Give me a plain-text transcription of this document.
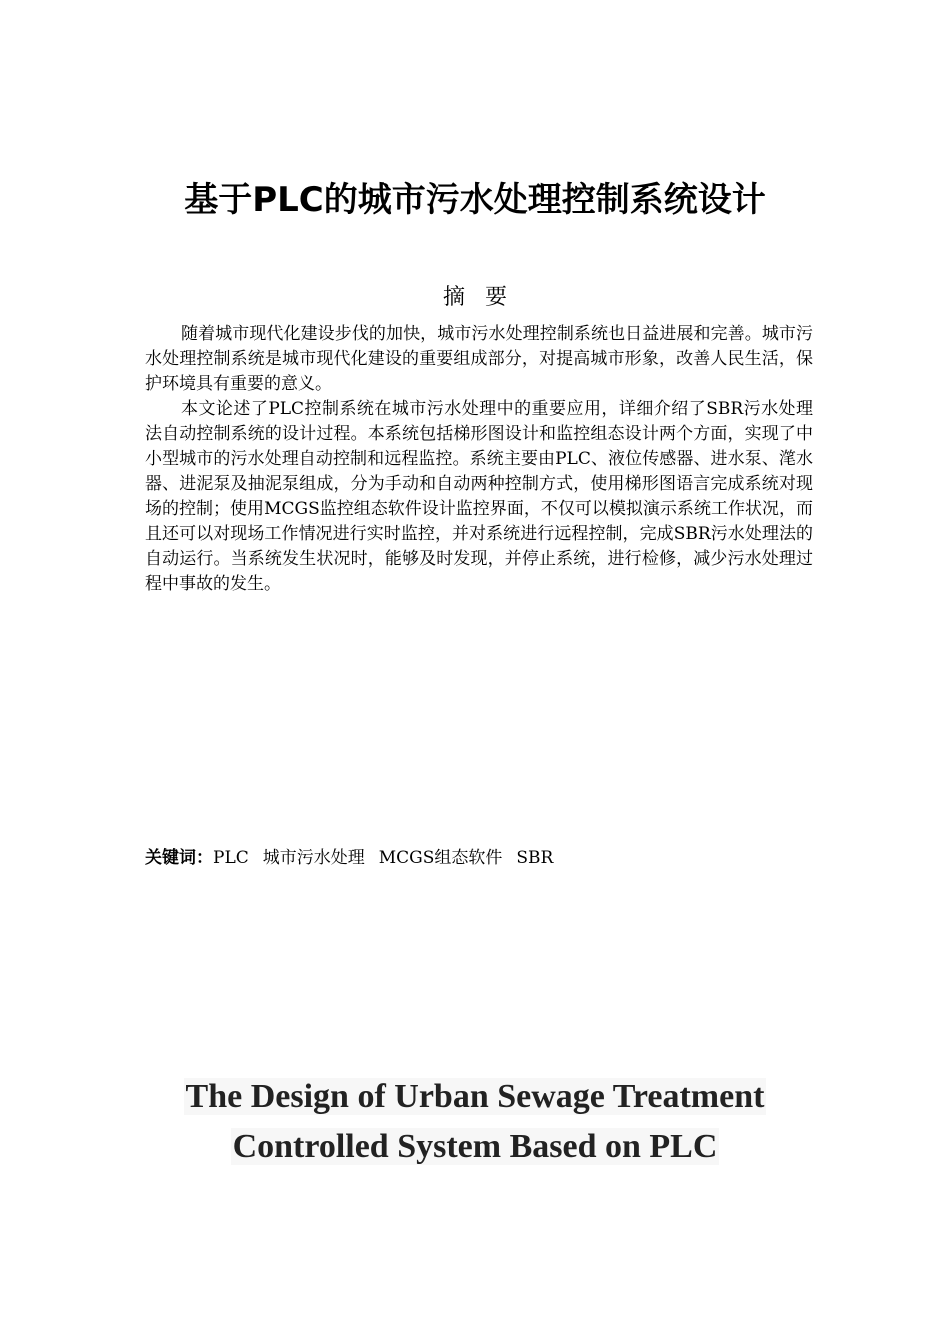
基于PLC的城市污水处理控制系统设计
摘要

随着城市现代化建设步伐的加快，城市污水处理控制系统也日益进展和完善。城市污水处理控制系统是城市现代化建设的重要组成部分，对提高城市形象，改善人民生活，保护环境具有重要的意义。

本文论述了PLC控制系统在城市污水处理中的重要应用，详细介绍了SBR污水处理法自动控制系统的设计过程。本系统包括梯形图设计和监控组态设计两个方面，实现了中小型城市的污水处理自动控制和远程监控。系统主要由PLC、液位传感器、进水泵、滗水器、进泥泵及抽泥泵组成，分为手动和自动两种控制方式，使用梯形图语言完成系统对现场的控制；使用MCGS监控组态软件设计监控界面，不仅可以模拟演示系统工作状况，而且还可以对现场工作情况进行实时监控，并对系统进行远程控制，完成SBR污水处理法的自动运行。当系统发生状况时，能够及时发现，并停止系统，进行检修，减少污水处理过程中事故的发生。

关键词：PLC 城市污水处理 MCGS组态软件 SBR
The Design of Urban Sewage Treatment
Controlled System Based on PLC
